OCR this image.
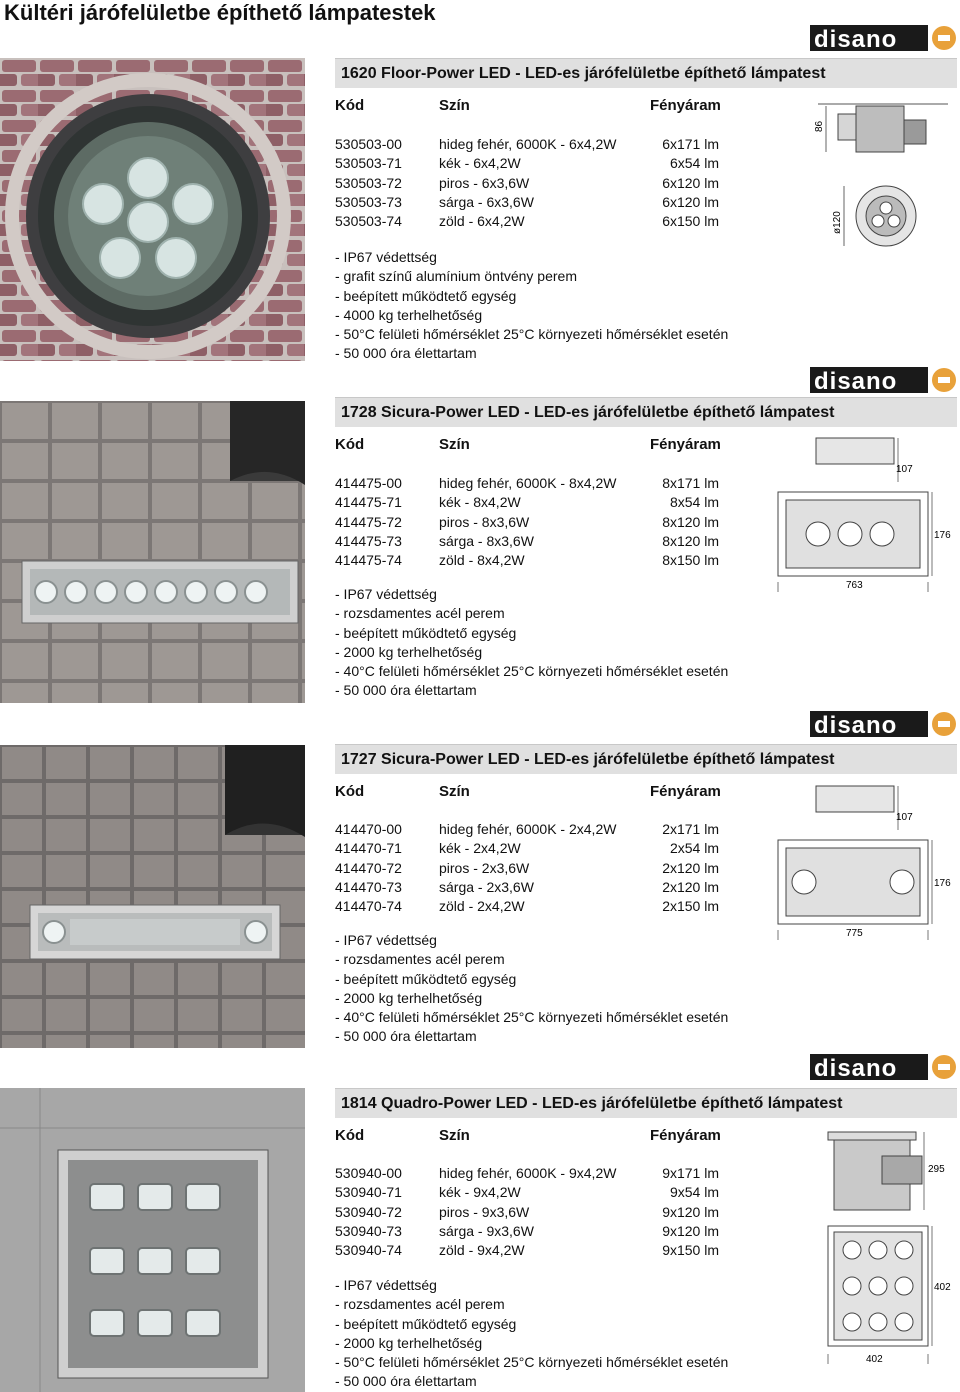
Kültéri járófelületbe építhető lámpatestek
disano
1620 Floor-Power LED - LED-es járófelületbe építhető lámpatest
Kód	Szín	Fényáram
530503-00	hideg fehér, 6000K - 6x4,2W	6x171 lm
530503-71	kék - 6x4,2W	6x54 lm
530503-72	piros - 6x3,6W	6x120 lm
530503-73	sárga - 6x3,6W	6x120 lm
530503-74	zöld - 6x4,2W	6x150 lm
- IP67 védettség
- grafit színű alumínium öntvény perem
- beépített működtető egység
- 4000 kg terhelhetőség
- 50°C felületi hőmérséklet 25°C környezeti hőmérséklet esetén
- 50 000 óra élettartam
86
ø120
disano
1728 Sicura-Power LED - LED-es járófelületbe építhető lámpatest
Kód	Szín	Fényáram
414475-00	hideg fehér, 6000K - 8x4,2W	8x171 lm
414475-71	kék - 8x4,2W	8x54 lm
414475-72	piros - 8x3,6W	8x120 lm
414475-73	sárga - 8x3,6W	8x120 lm
414475-74	zöld - 8x4,2W	8x150 lm
- IP67 védettség
- rozsdamentes acél perem
- beépített működtető egység
- 2000 kg terhelhetőség
- 40°C felületi hőmérséklet 25°C környezeti hőmérséklet esetén
- 50 000 óra élettartam
107
176
763
disano
1727 Sicura-Power LED - LED-es járófelületbe építhető lámpatest
Kód	Szín	Fényáram
414470-00	hideg fehér, 6000K - 2x4,2W	2x171 lm
414470-71	kék - 2x4,2W	2x54 lm
414470-72	piros - 2x3,6W	2x120 lm
414470-73	sárga - 2x3,6W	2x120 lm
414470-74	zöld - 2x4,2W	2x150 lm
- IP67 védettség
- rozsdamentes acél perem
- beépített működtető egység
- 2000 kg terhelhetőség
- 40°C felületi hőmérséklet 25°C környezeti hőmérséklet esetén
- 50 000 óra élettartam
107
176
775
disano
1814 Quadro-Power LED - LED-es járófelületbe építhető lámpatest
Kód	Szín	Fényáram
530940-00	hideg fehér, 6000K - 9x4,2W	9x171 lm
530940-71	kék - 9x4,2W	9x54 lm
530940-72	piros - 9x3,6W	9x120 lm
530940-73	sárga - 9x3,6W	9x120 lm
530940-74	zöld - 9x4,2W	9x150 lm
- IP67 védettség
- rozsdamentes acél perem
- beépített működtető egység
- 2000 kg terhelhetőség
- 50°C felületi hőmérséklet 25°C környezeti hőmérséklet esetén
- 50 000 óra élettartam
295
402
402
